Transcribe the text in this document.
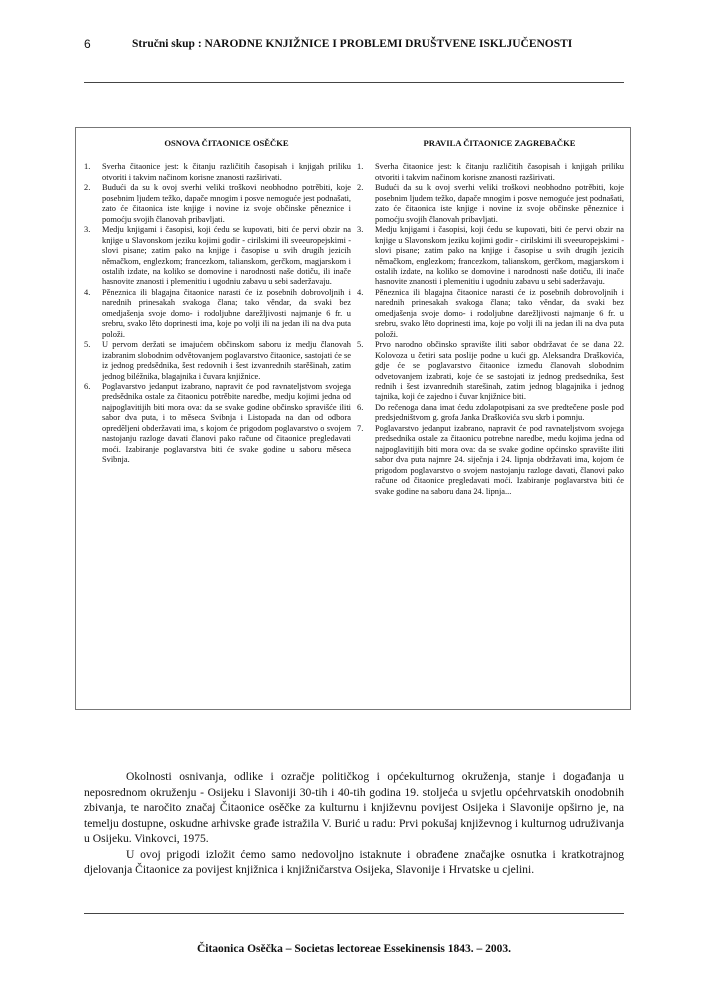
6	Stručni skup : NARODNE KNJIŽNICE I PROBLEMI DRUŠTVENE ISKLJUČENOSTI
OSNOVA ČITAONICE OSĚČKE
1.	Sverha čitaonice jest: k čitanju različitih časopisah i knjigah priliku otvoriti i takvim načinom korisne znanosti razširivati.
2.	Budući da su k ovoj sverhi veliki troškovi neobhodno potrěbiti, koje posebnim ljudem težko, dapače mnogim i posve nemoguće jest podnašati, zato će čitaonica iste knjige i novine iz svoje občinske pěneznice i pomoćju svojih članovah pribavljati.
3.	Medju knjigami i časopisi, koji ćedu se kupovati, biti će pervi obzir na knjige u Slavonskom jeziku kojimi godir - cirilskimi ili sveeuropejskimi - slovi pisane; zatim pako na knjige i časopise u svih drugih jezicih němačkom, englezkom; francezkom, talianskom, gerčkom, magjarskom i ostalih izdate, na koliko se domovine i narodnosti naše dotiču, ili inače hasnovite znanosti i plemenitiu i ugodniu zabavu u sebi saderžavaju.
4.	Pěneznica ili blagajna čitaonice narasti će iz posebnih dobrovoljnih i narednih prinesakah svakoga člana; tako věndar, da svaki bez omedjašenja svoje domo- i rodoljubne darežljivosti najmanje 6 fr. u srebru, svako lěto doprinesti ima, koje po volji ili na jedan ili na dva puta položi.
5.	U pervom deržati se imajućem občinskom saboru iz medju članovah izabranim slobodnim odvětovanjem poglavarstvo čitaonice, sastojati će se iz jednog predsědnika, šest redovnih i šest izvanrednih starěšinah, zatim jednog biléžnika, blagajnika i čuvara knjižnice.
6.	Poglavarstvo jedanput izabrano, napravit će pod ravnateljstvom svojega predsědnika ostale za čitaonicu potrěbite naredbe, medju kojimi jedna od najpoglavitijih biti mora ova: da se svake godine občinsko spravišće iliti sabor dva puta, i to měseca Svibnja i Listopada na dan od odbora opredĕljeni obderžavati ima, s kojom će prigodom poglavarstvo o svojem nastojanju razloge davati članovi pako račune od čitaonice pregledavati moći. Izabiranje poglavarstva biti će svake godine u saboru měseca Svibnja.
PRAVILA ČITAONICE ZAGREBAČKE
1.	Sverha čitaonice jest: k čitanju različitih časopisah i knjigah priliku otvoriti i takvim načinom korisne znanosti razširivati.
2.	Budući da su k ovoj sverhi veliki troškovi neobhodno potrěbiti, koje posebnim ljudem težko, dapače mnogim i posve nemoguće jest podnašati, zato će čitaonica iste knjige i novine iz svoje občinske pěneznice i pomoćju svojih članovah pribavljati.
3.	Medju knjigami i časopisi, koji ćedu se kupovati, biti će pervi obzir na knjige u Slavonskom jeziku kojimi godir - cirilskimi ili sveeuropejskimi - slovi pisane; zatim pako na knjige i časopise u svih drugih jezicih němačkom, englezkom; francezkom, talianskom, gerčkom, magjarskom i ostalih izdate, na koliko se domovine i narodnosti naše dotiču, ili inače hasnovite znanosti i plemenitiu i ugodniu zabavu u sebi saderžavaju.
4.	Pěneznica ili blagajna čitaonice narasti će iz posebnih dobrovoljnih i narednih prinesakah svakoga člana; tako věndar, da svaki bez omedjašenja svoje domo- i rodoljubne darežljivosti najmanje 6 fr. u srebru, svako lěto doprinesti ima, koje po volji ili na jedan ili na dva puta položi.
5.	Prvo narodno občinsko spravište iliti sabor obdržavat će se dana 22. Kolovoza u četiri sata poslije podne u kući gp. Aleksandra Draškovića, gdje će se poglavarstvo čitaonice između članovah slobodnim odvetovanjem izabrati, koje će se sastojati iz jednog predsednika, šest rednih i šest izvanrednih starešinah, zatim jednog blagajnika i jednog tajnika, koji će zajedno i čuvar knjižnice biti.
6.	Do rečenoga dana imat ćedu zdolapotpisani za sve predtečene posle pod predsjedništvom g. grofa Janka Draškovića svu skrb i pomnju.
7.	Poglavarstvo jedanput izabrano, napravit će pod ravnateljstvom svojega predsednika ostale za čitaonicu potrebne naredbe, medu kojima jedna od najpoglavitijih biti mora ova: da se svake godine općinsko spravište iliti sabor dva puta najmre 24. siječnja i 24. lipnja obdržavati ima, kojom će prigodom poglavarstvo o svojem nastojanju razloge davati, članovi pako račune od čitaonice pregledavati moći. Izabiranje poglavarstva biti će svake godine na saboru dana 24. lipnja...

Okolnosti osnivanja, odlike i ozračje političkog i općekulturnog okruženja, stanje i događanja u neposrednom okruženju - Osijeku i Slavoniji 30-tih i 40-tih godina 19. stoljeća u svjetlu općehrvatskih onodobnih zbivanja, te naročito značaj Čitaonice osěčke za kulturnu i književnu povijest Osijeka i Slavonije opširno je, na temelju dostupne, oskudne arhivske građe istražila V. Burić u radu: Prvi pokušaj književnog i kulturnog udruživanja u Osijeku. Vinkovci, 1975.

U ovoj prigodi izložit ćemo samo nedovoljno istaknute i obrađene značajke osnutka i kratkotrajnog djelovanja Čitaonice za povijest knjižnica i knjižničarstva Osijeka, Slavonije i Hrvatske u cjelini.

Čitaonica Osěčka – Societas lectoreae Essekinensis 1843. – 2003.
